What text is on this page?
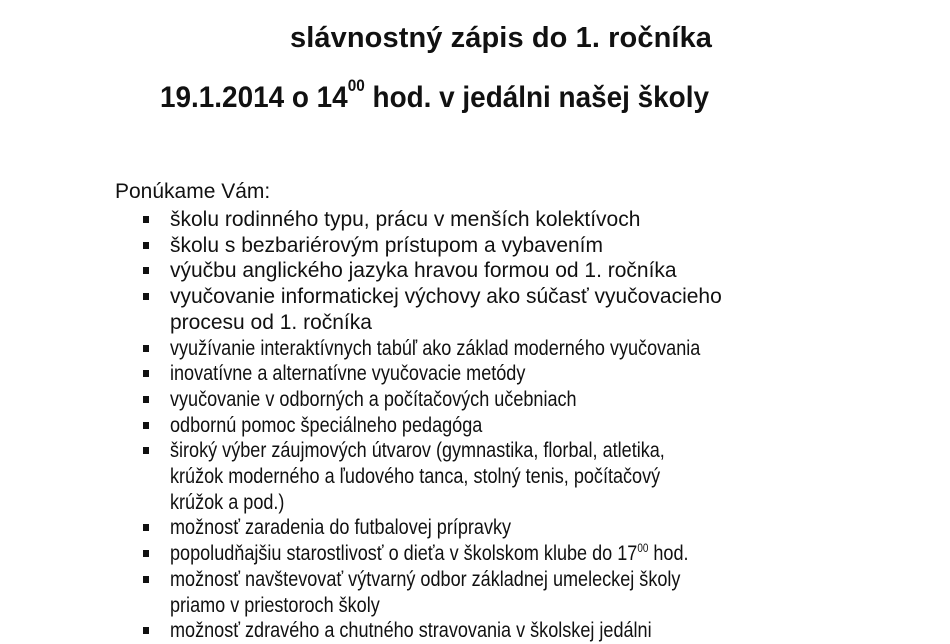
slávnostný zápis do 1. ročníka
19.1.2014 o $14^{00}$ hod. v jedálni našej školy
Ponúkame Vám:
školu rodinného typu, prácu v menších kolektívoch
školu s bezbariérovým prístupom a vybavením
výučbu anglického jazyka hravou formou od 1. ročníka
vyučovanie informatickej výchovy ako súčasť vyučovacieho
procesu od 1. ročníka
využívanie interaktívnych tabúľ ako základ moderného vyučovania
inovatívne a alternatívne vyučovacie metódy
vyučovanie v odborných a počítačových učebniach
odbornú pomoc špeciálneho pedagóga
široký výber záujmových útvarov (gymnastika, florbal, atletika,
krúžok moderného a ľudového tanca, stolný tenis, počítačový
krúžok a pod.)
možnosť zaradenia do futbalovej prípravky
popoludňajšiu starostlivosť o dieťa v školskom klube do $17^{00}$ hod.
možnosť navštevovať výtvarný odbor základnej umeleckej školy
priamo v priestoroch školy
možnosť zdravého a chutného stravovania v školskej jedálni
